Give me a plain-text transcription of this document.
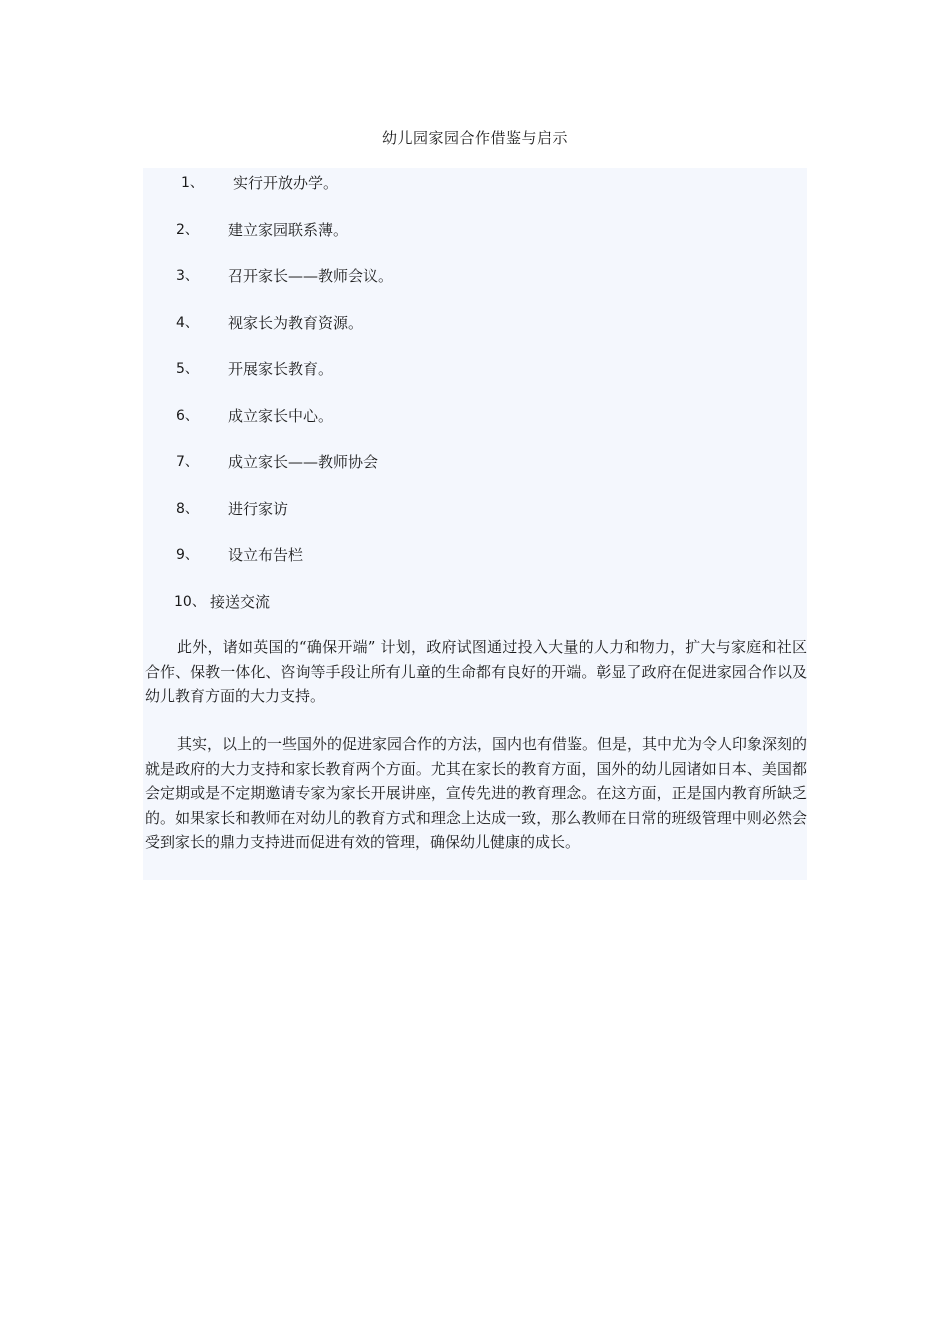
幼儿园家园合作借鉴与启示
1、 实行开放办学。
2、 建立家园联系薄。
3、 召开家长——教师会议。
4、 视家长为教育资源。
5、 开展家长教育。
6、 成立家长中心。
7、 成立家长——教师协会
8、 进行家访
9、 设立布告栏
10、 接送交流

此外，诸如英国的“确保开端” 计划，政府试图通过投入大量的人力和物力，扩大与家庭和社区合作、保教一体化、咨询等手段让所有儿童的生命都有良好的开端。彰显了政府在促进家园合作以及幼儿教育方面的大力支持。

其实，以上的一些国外的促进家园合作的方法，国内也有借鉴。但是，其中尤为令人印象深刻的就是政府的大力支持和家长教育两个方面。尤其在家长的教育方面，国外的幼儿园诸如日本、美国都会定期或是不定期邀请专家为家长开展讲座，宣传先进的教育理念。在这方面，正是国内教育所缺乏的。如果家长和教师在对幼儿的教育方式和理念上达成一致，那么教师在日常的班级管理中则必然会受到家长的鼎力支持进而促进有效的管理，确保幼儿健康的成长。
